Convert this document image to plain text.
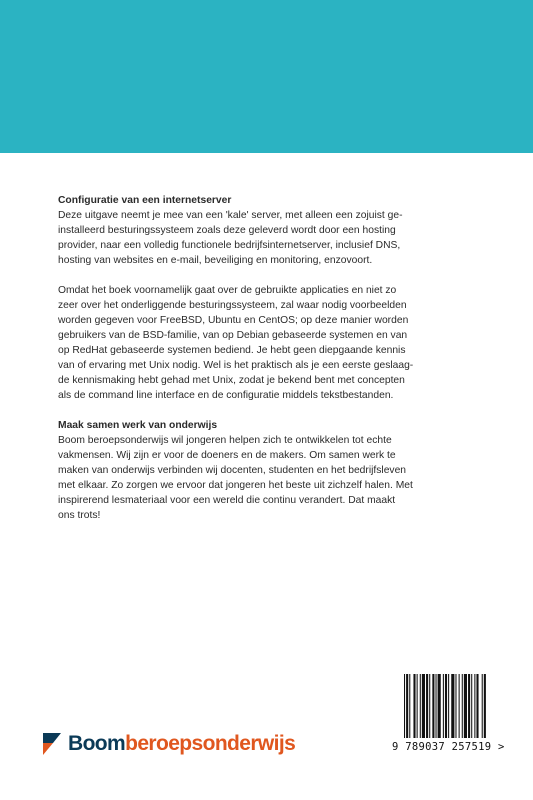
Configuratie van een internetserver

Deze uitgave neemt je mee van een 'kale' server, met alleen een zojuist ge-
installeerd besturingssysteem zoals deze geleverd wordt door een hosting
provider, naar een volledig functionele bedrijfsinternetserver, inclusief DNS,
hosting van websites en e-mail, beveiliging en monitoring, enzovoort.
Omdat het boek voornamelijk gaat over de gebruikte applicaties en niet zo
zeer over het onderliggende besturingssysteem, zal waar nodig voorbeelden
worden gegeven voor FreeBSD, Ubuntu en CentOS; op deze manier worden
gebruikers van de BSD-familie, van op Debian gebaseerde systemen en van
op RedHat gebaseerde systemen bediend. Je hebt geen diepgaande kennis
van of ervaring met Unix nodig. Wel is het praktisch als je een eerste geslaag-
de kennismaking hebt gehad met Unix, zodat je bekend bent met concepten
als de command line interface en de configuratie middels tekstbestanden.

Maak samen werk van onderwijs

Boom beroepsonderwijs wil jongeren helpen zich te ontwikkelen tot echte
vakmensen. Wij zijn er voor de doeners en de makers. Om samen werk te
maken van onderwijs verbinden wij docenten, studenten en het bedrijfsleven
met elkaar. Zo zorgen we ervoor dat jongeren het beste uit zichzelf halen. Met
inspirerend lesmateriaal voor een wereld die continu verandert. Dat maakt
ons trots!
Boomberoepsonderwijs	9 789037 257519 >
